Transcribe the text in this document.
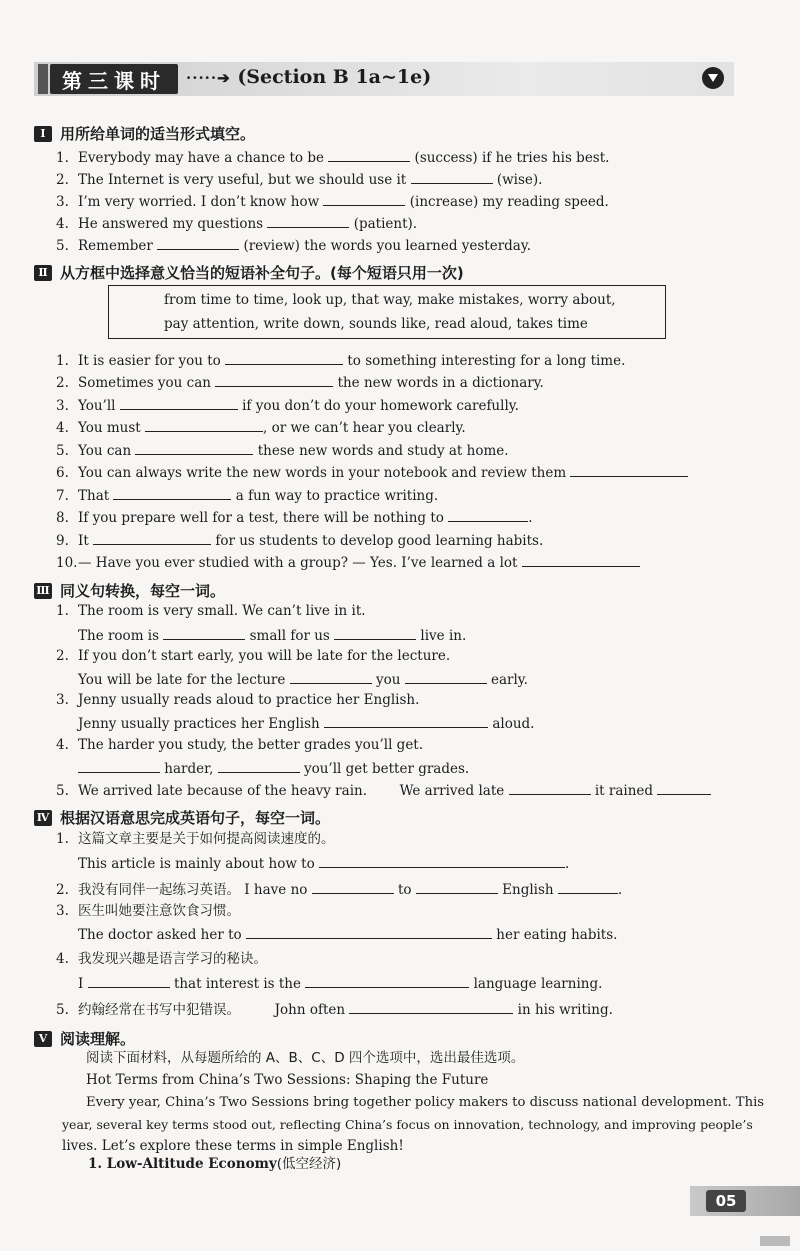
第三课时	·····➔ (Section B 1a~1e)
Ⅰ 用所给单词的适当形式填空。
1. Everybody may have a chance to be	(success) if he tries his best.
2. The Internet is very useful, but we should use it	(wise).
3. I’m very worried. I don’t know how	(increase) my reading speed.
4. He answered my questions	(patient).
5. Remember	(review) the words you learned yesterday.
Ⅱ 从方框中选择意义恰当的短语补全句子。(每个短语只用一次)
from time to time, look up, that way, make mistakes, worry about,
pay attention, write down, sounds like, read aloud, takes time
1. It is easier for you to	to something interesting for a long time.
2. Sometimes you can	the new words in a dictionary.
3. You’ll	if you don’t do your homework carefully.
4. You must	, or we can’t hear you clearly.
5. You can	these new words and study at home.
6. You can always write the new words in your notebook and review them
7. That	a fun way to practice writing.
8. If you prepare well for a test, there will be nothing to	.
9. It	for us students to develop good learning habits.
10.— Have you ever studied with a group? — Yes. I’ve learned a lot
Ⅲ 同义句转换，每空一词。
1. The room is very small. We can’t live in it.
The room is	small for us	live in.
2. If you don’t start early, you will be late for the lecture.
You will be late for the lecture	you	early.
3. Jenny usually reads aloud to practice her English.
Jenny usually practices her English	aloud.
4. The harder you study, the better grades you’ll get.
harder,	you’ll get better grades.
5. We arrived late because of the heavy rain. We arrived late	it rained
Ⅳ 根据汉语意思完成英语句子，每空一词。
1. 这篇文章主要是关于如何提高阅读速度的。
This article is mainly about how to	.
2. 我没有同伴一起练习英语。 I have no	to	English	.
3. 医生叫她要注意饮食习惯。
The doctor asked her to	her eating habits.
4. 我发现兴趣是语言学习的秘诀。
I	that interest is the	language learning.
5. 约翰经常在书写中犯错误。	John often	in his writing.
Ⅴ 阅读理解。
阅读下面材料，从每题所给的 A、B、C、D 四个选项中，选出最佳选项。
Hot Terms from China’s Two Sessions: Shaping the Future
Every year, China’s Two Sessions bring together policy makers to discuss national development. This
year, several key terms stood out, reflecting China’s focus on innovation, technology, and improving people’s
lives. Let’s explore these terms in simple English!
1. Low-Altitude Economy(低空经济)
05
